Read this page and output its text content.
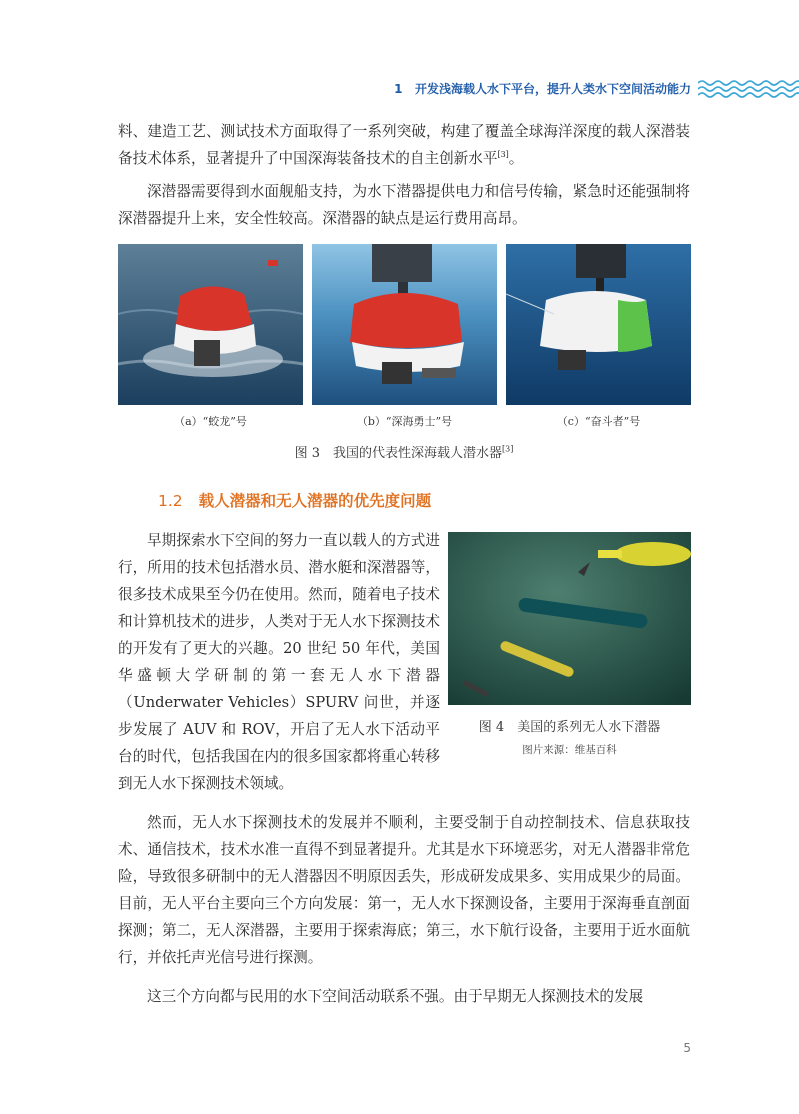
1 开发浅海载人水下平台，提升人类水下空间活动能力

料、建造工艺、测试技术方面取得了一系列突破，构建了覆盖全球海洋深度的载人深潜装备技术体系，显著提升了中国深海装备技术的自主创新水平[3]。

深潜器需要得到水面舰船支持，为水下潜器提供电力和信号传输，紧急时还能强制将深潜器提升上来，安全性较高。深潜器的缺点是运行费用高昂。

（a）“蛟龙”号	（b）“深海勇士”号	（c）“奋斗者”号
图 3　我国的代表性深海载人潜水器[3]
1.2 载人潜器和无人潜器的优先度问题
图 4　美国的系列无人水下潜器
图片来源：维基百科

早期探索水下空间的努力一直以载人的方式进行，所用的技术包括潜水员、潜水艇和深潜器等，很多技术成果至今仍在使用。然而，随着电子技术和计算机技术的进步，人类对于无人水下探测技术的开发有了更大的兴趣。20 世纪 50 年代，美国华盛顿大学研制的第一套无人水下潜器（Underwater Vehicles）SPURV 问世，并逐步发展了 AUV 和 ROV，开启了无人水下活动平台的时代，包括我国在内的很多国家都将重心转移到无人水下探测技术领域。

然而，无人水下探测技术的发展并不顺利，主要受制于自动控制技术、信息获取技术、通信技术，技术水准一直得不到显著提升。尤其是水下环境恶劣，对无人潜器非常危险，导致很多研制中的无人潜器因不明原因丢失，形成研发成果多、实用成果少的局面。目前，无人平台主要向三个方向发展：第一，无人水下探测设备，主要用于深海垂直剖面探测；第二，无人深潜器，主要用于探索海底；第三，水下航行设备，主要用于近水面航行，并依托声光信号进行探测。

这三个方向都与民用的水下空间活动联系不强。由于早期无人探测技术的发展

5
